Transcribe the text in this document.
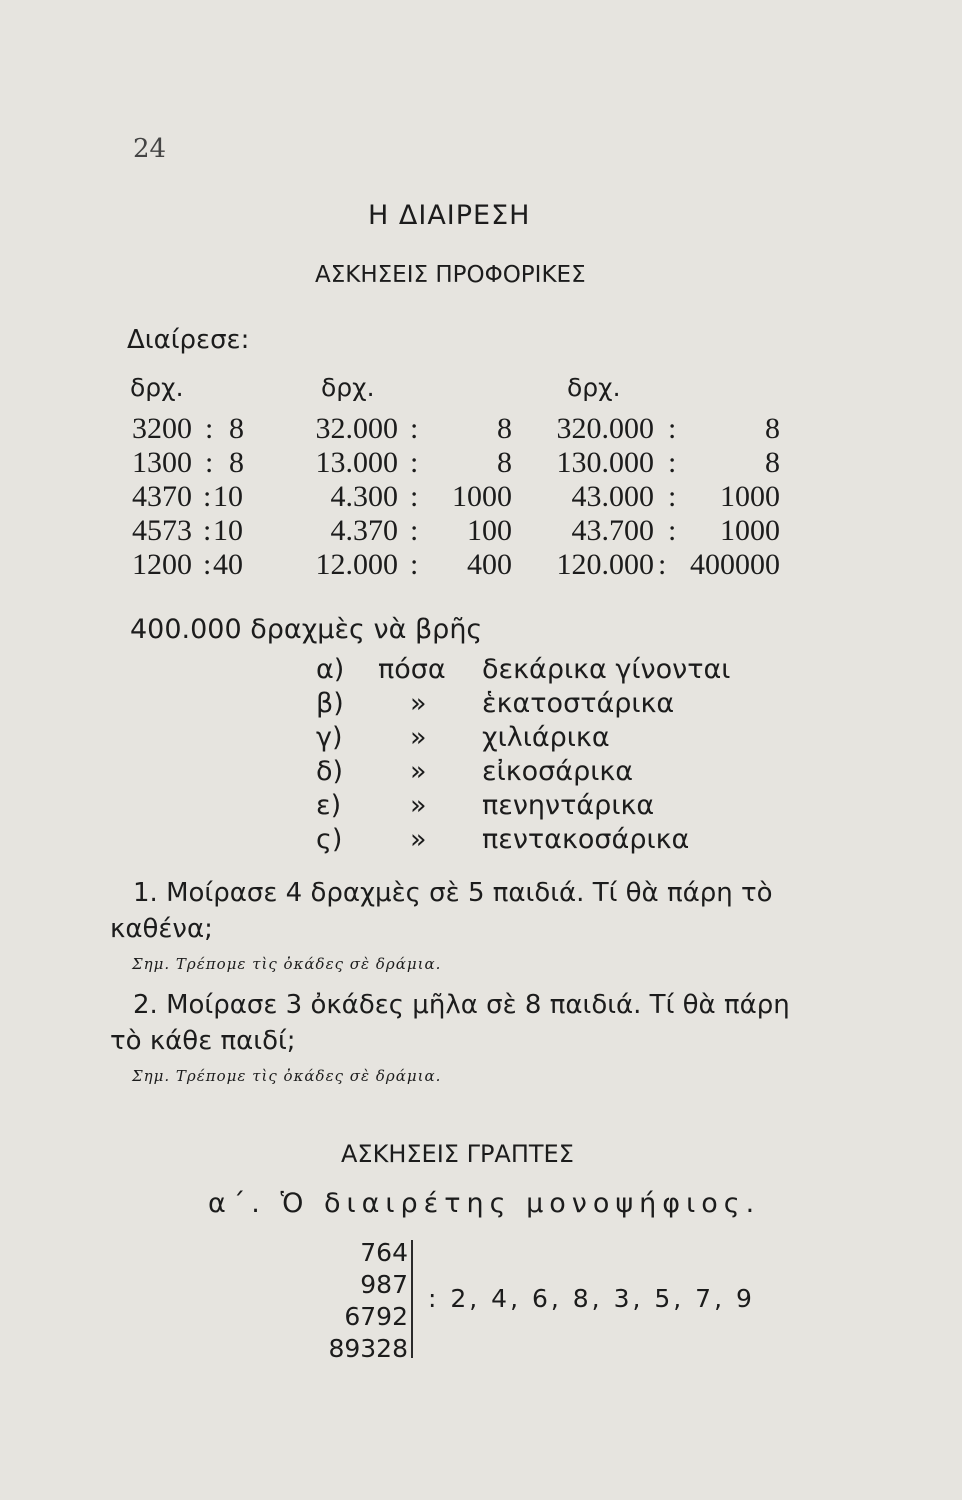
24
Η ΔΙΑΙΡΕΣΗ
ΑΣΚΗΣΕΙΣ ΠΡΟΦΟΡΙΚΕΣ
Διαίρεσε:
δρχ.	δρχ.	δρχ.
3200 : 8
1300 : 8
4370 : 10
4573 : 10
1200 : 40
32.000 :	8
13.000 :	8
4.300 :	1000
4.370 :	100
12.000 :	400
320.000 :	8
130.000 :	8
43.000 :	1000
43.700 :	1000
120.000 : 400000
400.000 δραχμὲς νὰ βρῆς
α) πόσα δεκάρικα γίνονται
β) » ἑκατοστάρικα
γ) » χιλιάρικα
δ) » εἰκοσάρικα
ε)	» πενηντάρικα
ς)	» πεντακοσάρικα
1. Μοίρασε 4 δραχμὲς σὲ 5 παιδιά. Τί θὰ πάρη τὸ
καθένα;
Σημ. Τρέπομε τὶς ὀκάδες σὲ δράμια.
2. Μοίρασε 3 ὀκάδες μῆλα σὲ 8 παιδιά. Τί θὰ πάρη
τὸ κάθε παιδί;
Σημ. Τρέπομε τὶς ὀκάδες σὲ δράμια.
ΑΣΚΗΣΕΙΣ ΓΡΑΠΤΕΣ
α΄. Ὁ διαιρέτης μονοψήφιος.
764
987
6792
89328
: 2, 4, 6, 8, 3, 5, 7, 9
